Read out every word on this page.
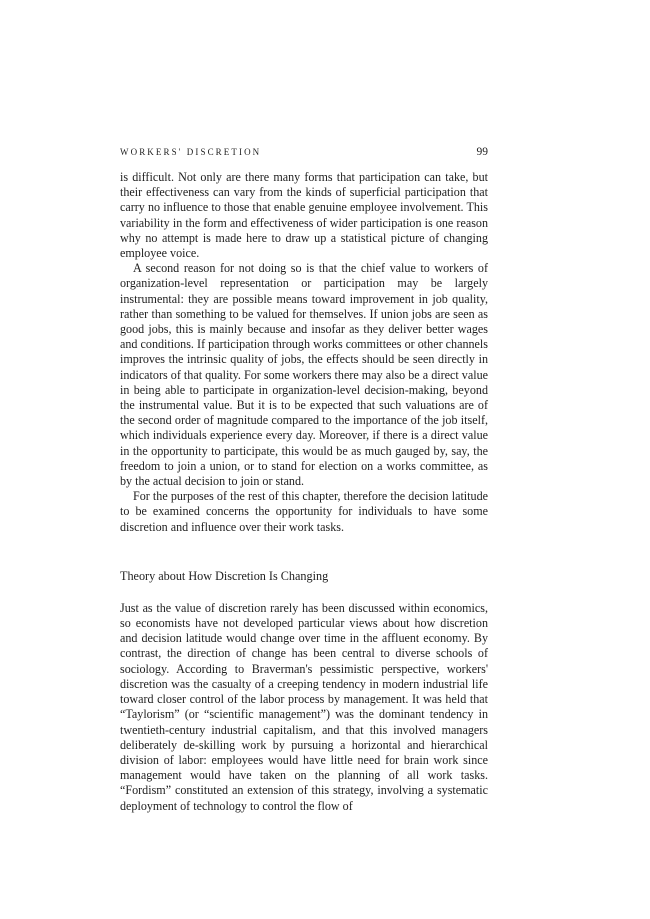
WORKERS' DISCRETION	99

is difficult. Not only are there many forms that participation can take, but their effectiveness can vary from the kinds of superficial participation that carry no influence to those that enable genuine employee involvement. This variability in the form and effectiveness of wider participation is one reason why no attempt is made here to draw up a statistical picture of changing employee voice.

A second reason for not doing so is that the chief value to workers of organization-level representation or participation may be largely instrumental: they are possible means toward improvement in job quality, rather than something to be valued for themselves. If union jobs are seen as good jobs, this is mainly because and insofar as they deliver better wages and conditions. If participation through works committees or other channels improves the intrinsic quality of jobs, the effects should be seen directly in indicators of that quality. For some workers there may also be a direct value in being able to participate in organization-level decision-making, beyond the instrumental value. But it is to be expected that such valuations are of the second order of magnitude compared to the importance of the job itself, which individuals experience every day. Moreover, if there is a direct value in the opportunity to participate, this would be as much gauged by, say, the freedom to join a union, or to stand for election on a works committee, as by the actual decision to join or stand.

For the purposes of the rest of this chapter, therefore the decision latitude to be examined concerns the opportunity for individuals to have some discretion and influence over their work tasks.

Theory about How Discretion Is Changing

Just as the value of discretion rarely has been discussed within economics, so economists have not developed particular views about how discretion and decision latitude would change over time in the affluent economy. By contrast, the direction of change has been central to diverse schools of sociology. According to Braverman's pessimistic perspective, workers' discretion was the casualty of a creeping tendency in modern industrial life toward closer control of the labor process by management. It was held that “Taylorism” (or “scientific management”) was the dominant tendency in twentieth-century industrial capitalism, and that this involved managers deliberately de-skilling work by pursuing a horizontal and hierarchical division of labor: employees would have little need for brain work since management would have taken on the planning of all work tasks. “Fordism” constituted an extension of this strategy, involving a systematic deployment of technology to control the flow of
